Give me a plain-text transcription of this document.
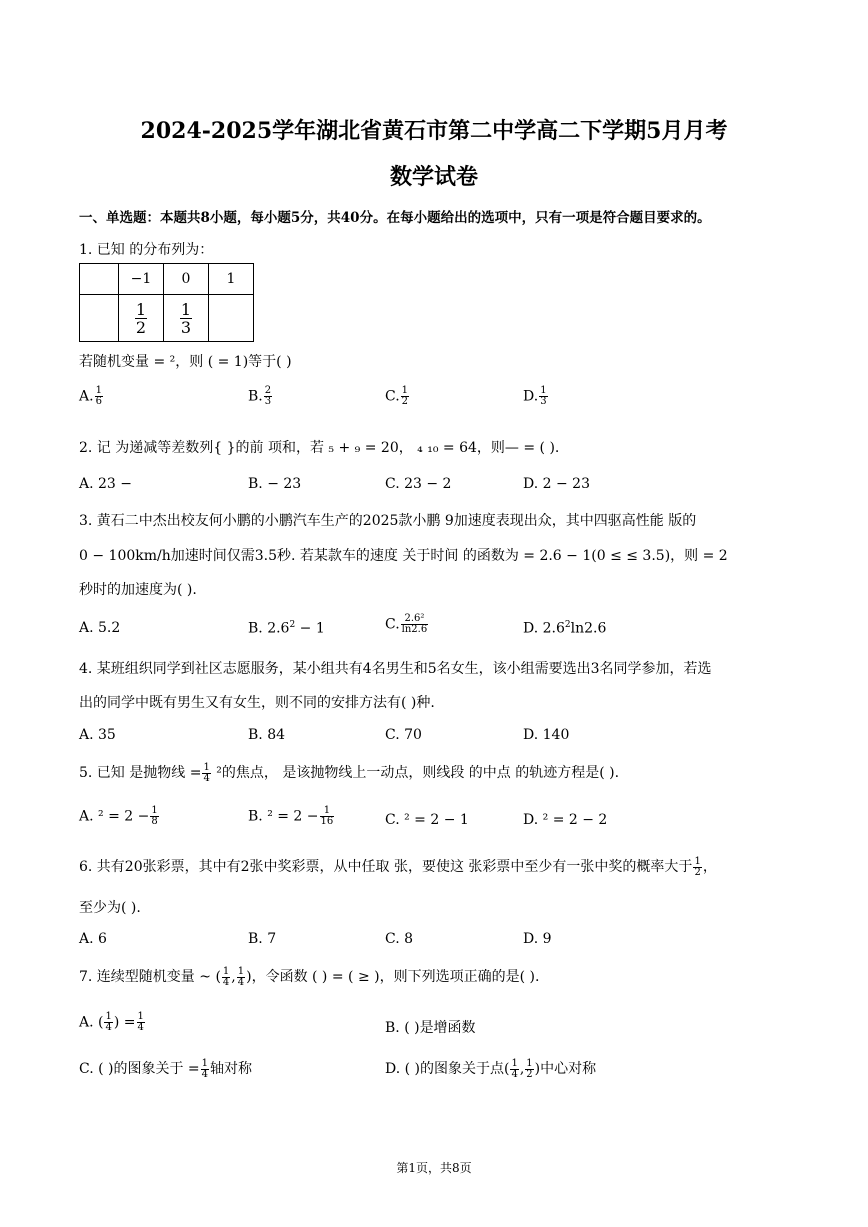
2024-2025学年湖北省黄石市第二中学高二下学期5月月考
数学试卷
一、单选题：本题共8小题，每小题5分，共40分。在每小题给出的选项中，只有一项是符合题目要求的。
1. 已知 的分布列为：
	−1	0	1

	$\frac{1}{2}$	$\frac{1}{3}$

若随机变量 = ²，则 ( = 1)等于( )
A. $\frac{1}{6}$	B. $\frac{2}{3}$	C. $\frac{1}{2}$	D. $\frac{1}{3}$
2. 记 为递减等差数列{ }的前 项和，若 ₅ + ₉ = 20， ₄ ₁₀ = 64，则— = ( ).
A. 23 −	B. − 23	C. 23 − 2	D. 2 − 23
3. 黄石二中杰出校友何小鹏的小鹏汽车生产的2025款小鹏 9加速度表现出众，其中四驱高性能 版的
0 − 100km/h加速时间仅需3.5秒. 若某款车的速度 关于时间 的函数为 = 2.6 − 1(0 ≤ ≤ 3.5)，则 = 2
秒时的加速度为( ).
A. 5.2	B. $2.6^2 - 1$	C. $\frac{\text{2.6²}}{\ln 2.6}$	D. $2.6^2\ln 2.6$
4. 某班组织同学到社区志愿服务，某小组共有4名男生和5名女生，该小组需要选出3名同学参加，若选
出的同学中既有男生又有女生，则不同的安排方法有( )种.
A. 35	B. 84	C. 70	D. 140
5. 已知 是抛物线 = $\frac{1}{4} ^2$的焦点， 是该抛物线上一动点，则线段 的中点 的轨迹方程是( ).
A. $^2 = 2 - \frac{1}{8}$	B. $^2 = 2 - \frac{1}{16}$	C. ² = 2 − 1	D. ² = 2 − 2
6. 共有20张彩票，其中有2张中奖彩票，从中任取 张，要使这 张彩票中至少有一张中奖的概率大于 $\frac{1}{2}$ ，
至少为( ).
A. 6	B. 7	C. 8	D. 9
7. 连续型随机变量 ~ ( $\frac{1}{4}$ , $\frac{1}{4}$ )，令函数 ( ) = ( ≥ )，则下列选项正确的是( ).
A. ( $\frac{1}{4}$ ) = $\frac{1}{4}$	B. ( )是增函数
C. ( )的图象关于 = $\frac{1}{4}$ 轴对称	D. ( )的图象关于点( $\frac{1}{4}$ , $\frac{1}{2}$ )中心对称
第1页，共8页
